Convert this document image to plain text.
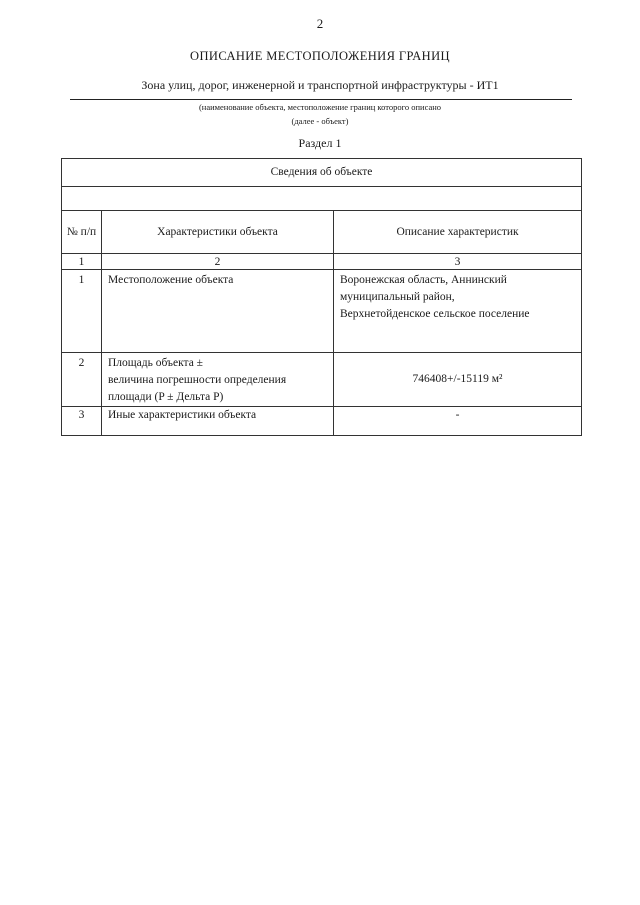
2
ОПИСАНИЕ МЕСТОПОЛОЖЕНИЯ ГРАНИЦ
Зона улиц, дорог, инженерной и транспортной инфраструктуры - ИТ1
(наименование объекта, местоположение границ которого описано
(далее - объект)
Раздел 1
Сведения об объекте		

№ п/п	Характеристики объекта	Описание характеристик
1	2	3
1	Местоположение объекта	Воронежская область, Аннинский
муниципальный район,
Верхнетойденское сельское поселение

2	Площадь объекта ±
величина погрешности определения
площади (P ± Дельта P)	746408+/-15119 м²
3	Иные характеристики объекта	-
